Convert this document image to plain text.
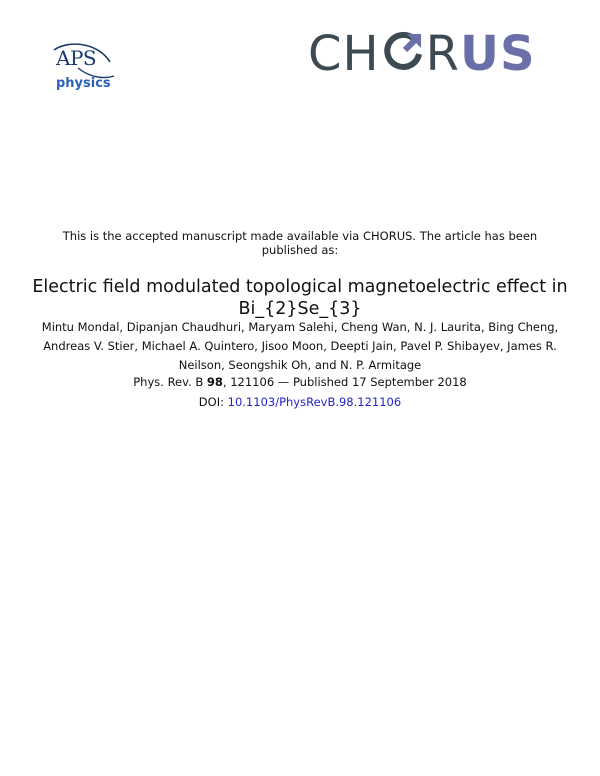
APS
physics
CH RUS
This is the accepted manuscript made available via CHORUS. The article has been published as:
Electric field modulated topological magnetoelectric effect in Bi_{2}Se_{3}
Mintu Mondal, Dipanjan Chaudhuri, Maryam Salehi, Cheng Wan, N. J. Laurita, Bing Cheng, Andreas V. Stier, Michael A. Quintero, Jisoo Moon, Deepti Jain, Pavel P. Shibayev, James R. Neilson, Seongshik Oh, and N. P. Armitage
Phys. Rev. B 98, 121106 — Published 17 September 2018
DOI: 10.1103/PhysRevB.98.121106
